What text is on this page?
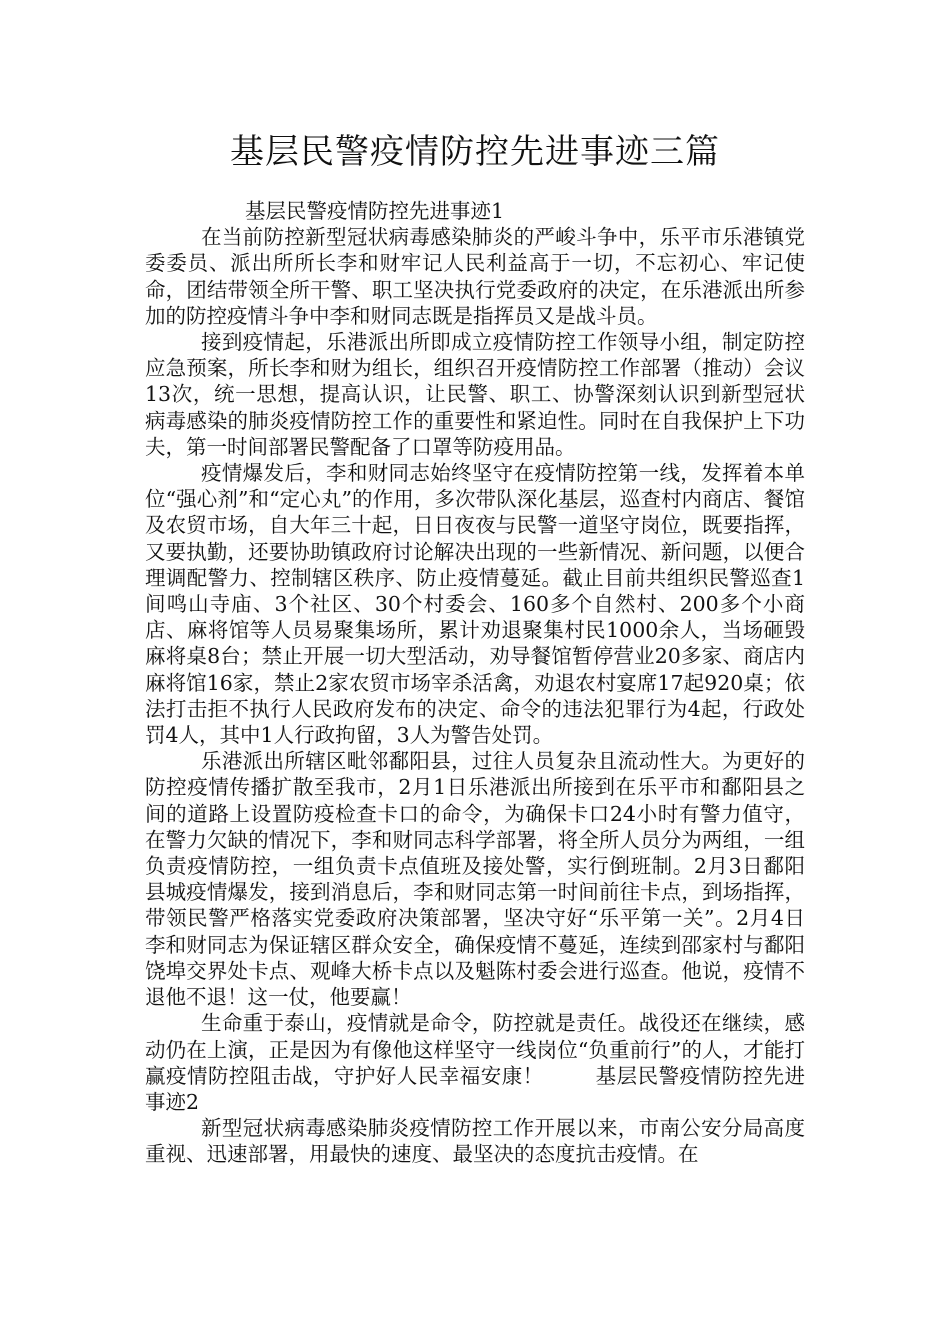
基层民警疫情防控先进事迹三篇

基层民警疫情防控先进事迹1

在当前防控新型冠状病毒感染肺炎的严峻斗争中，乐平市乐港镇党委委员、派出所所长李和财牢记人民利益高于一切，不忘初心、牢记使命，团结带领全所干警、职工坚决执行党委政府的决定，在乐港派出所参加的防控疫情斗争中李和财同志既是指挥员又是战斗员。

接到疫情起，乐港派出所即成立疫情防控工作领导小组，制定防控应急预案，所长李和财为组长，组织召开疫情防控工作部署（推动）会议13次，统一思想，提高认识，让民警、职工、协警深刻认识到新型冠状病毒感染的肺炎疫情防控工作的重要性和紧迫性。同时在自我保护上下功夫，第一时间部署民警配备了口罩等防疫用品。

疫情爆发后，李和财同志始终坚守在疫情防控第一线，发挥着本单位“强心剂”和“定心丸”的作用，多次带队深化基层，巡查村内商店、餐馆及农贸市场，自大年三十起，日日夜夜与民警一道坚守岗位，既要指挥，又要执勤，还要协助镇政府讨论解决出现的一些新情况、新问题，以便合理调配警力、控制辖区秩序、防止疫情蔓延。截止目前共组织民警巡查1间鸣山寺庙、3个社区、30个村委会、160多个自然村、200多个小商店、麻将馆等人员易聚集场所，累计劝退聚集村民1000余人，当场砸毁麻将桌8台；禁止开展一切大型活动，劝导餐馆暂停营业20多家、商店内麻将馆16家，禁止2家农贸市场宰杀活禽，劝退农村宴席17起920桌；依法打击拒不执行人民政府发布的决定、命令的违法犯罪行为4起，行政处罚4人，其中1人行政拘留，3人为警告处罚。

乐港派出所辖区毗邻鄱阳县，过往人员复杂且流动性大。为更好的防控疫情传播扩散至我市，2月1日乐港派出所接到在乐平市和鄱阳县之间的道路上设置防疫检查卡口的命令，为确保卡口24小时有警力值守，在警力欠缺的情况下，李和财同志科学部署，将全所人员分为两组，一组负责疫情防控，一组负责卡点值班及接处警，实行倒班制。2月3日鄱阳县城疫情爆发，接到消息后，李和财同志第一时间前往卡点，到场指挥，带领民警严格落实党委政府决策部署，坚决守好“乐平第一关”。2月4日李和财同志为保证辖区群众安全，确保疫情不蔓延，连续到邵家村与鄱阳饶埠交界处卡点、观峰大桥卡点以及魁陈村委会进行巡查。他说，疫情不退他不退！这一仗，他要赢！

生命重于泰山，疫情就是命令，防控就是责任。战役还在继续，感动仍在上演，正是因为有像他这样坚守一线岗位“负重前行”的人，才能打赢疫情防控阻击战，守护好人民幸福安康！	基层民警疫情防控先进事迹2

新型冠状病毒感染肺炎疫情防控工作开展以来，市南公安分局高度重视、迅速部署，用最快的速度、最坚决的态度抗击疫情。在
